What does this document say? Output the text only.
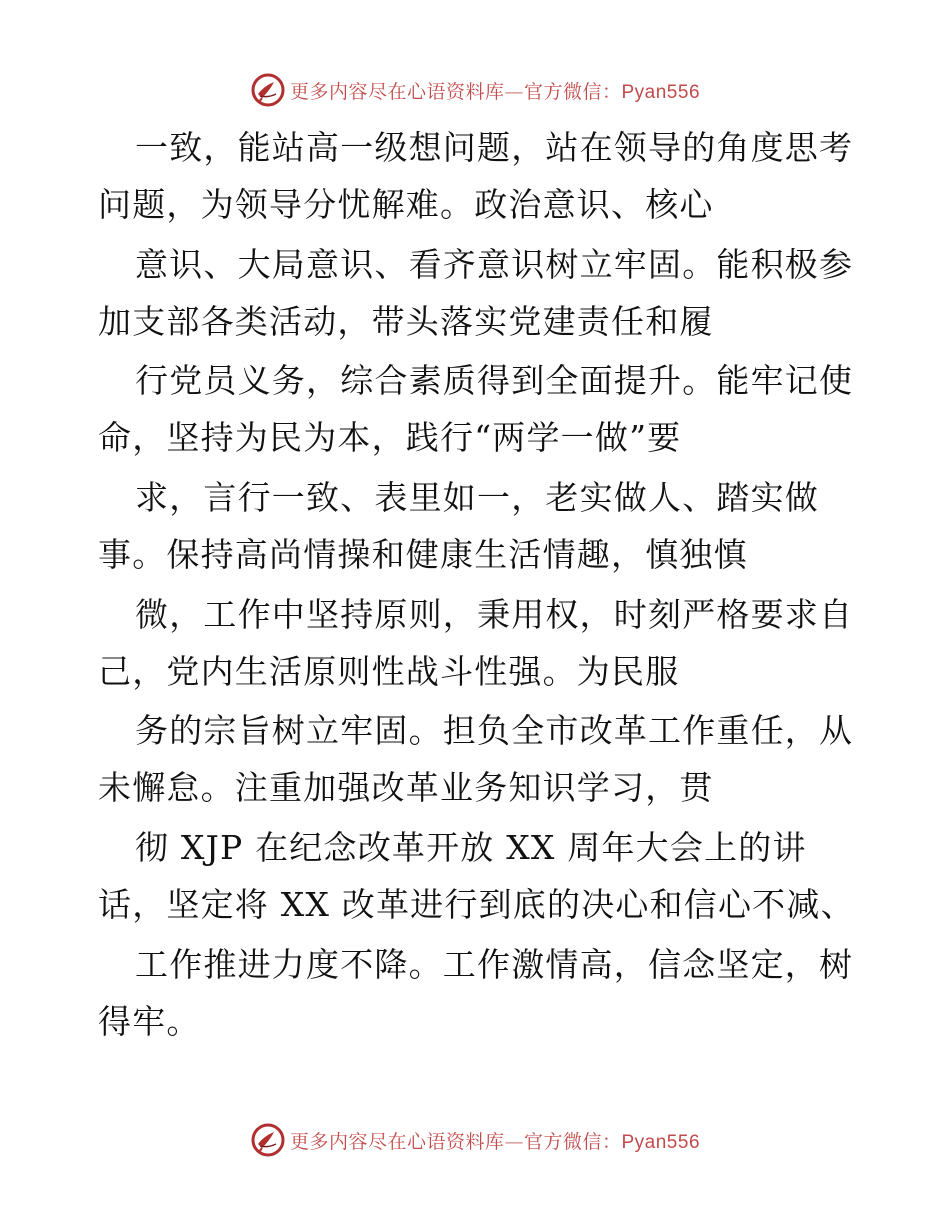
更多内容尽在心语资料库—官方微信：Pyan556
一致，能站高一级想问题，站在领导的角度思考
问题，为领导分忧解难。政治意识、核心
意识、大局意识、看齐意识树立牢固。能积极参
加支部各类活动，带头落实党建责任和履
行党员义务，综合素质得到全面提升。能牢记使
命，坚持为民为本，践行“两学一做”要
求，言行一致、表里如一，老实做人、踏实做
事。保持高尚情操和健康生活情趣，慎独慎
微，工作中坚持原则，秉用权，时刻严格要求自
己，党内生活原则性战斗性强。为民服
务的宗旨树立牢固。担负全市改革工作重任，从
未懈怠。注重加强改革业务知识学习，贯
彻 XJP 在纪念改革开放 XX 周年大会上的讲
话，坚定将 XX 改革进行到底的决心和信心不减、
工作推进力度不降。工作激情高，信念坚定，树
得牢。
更多内容尽在心语资料库—官方微信：Pyan556
